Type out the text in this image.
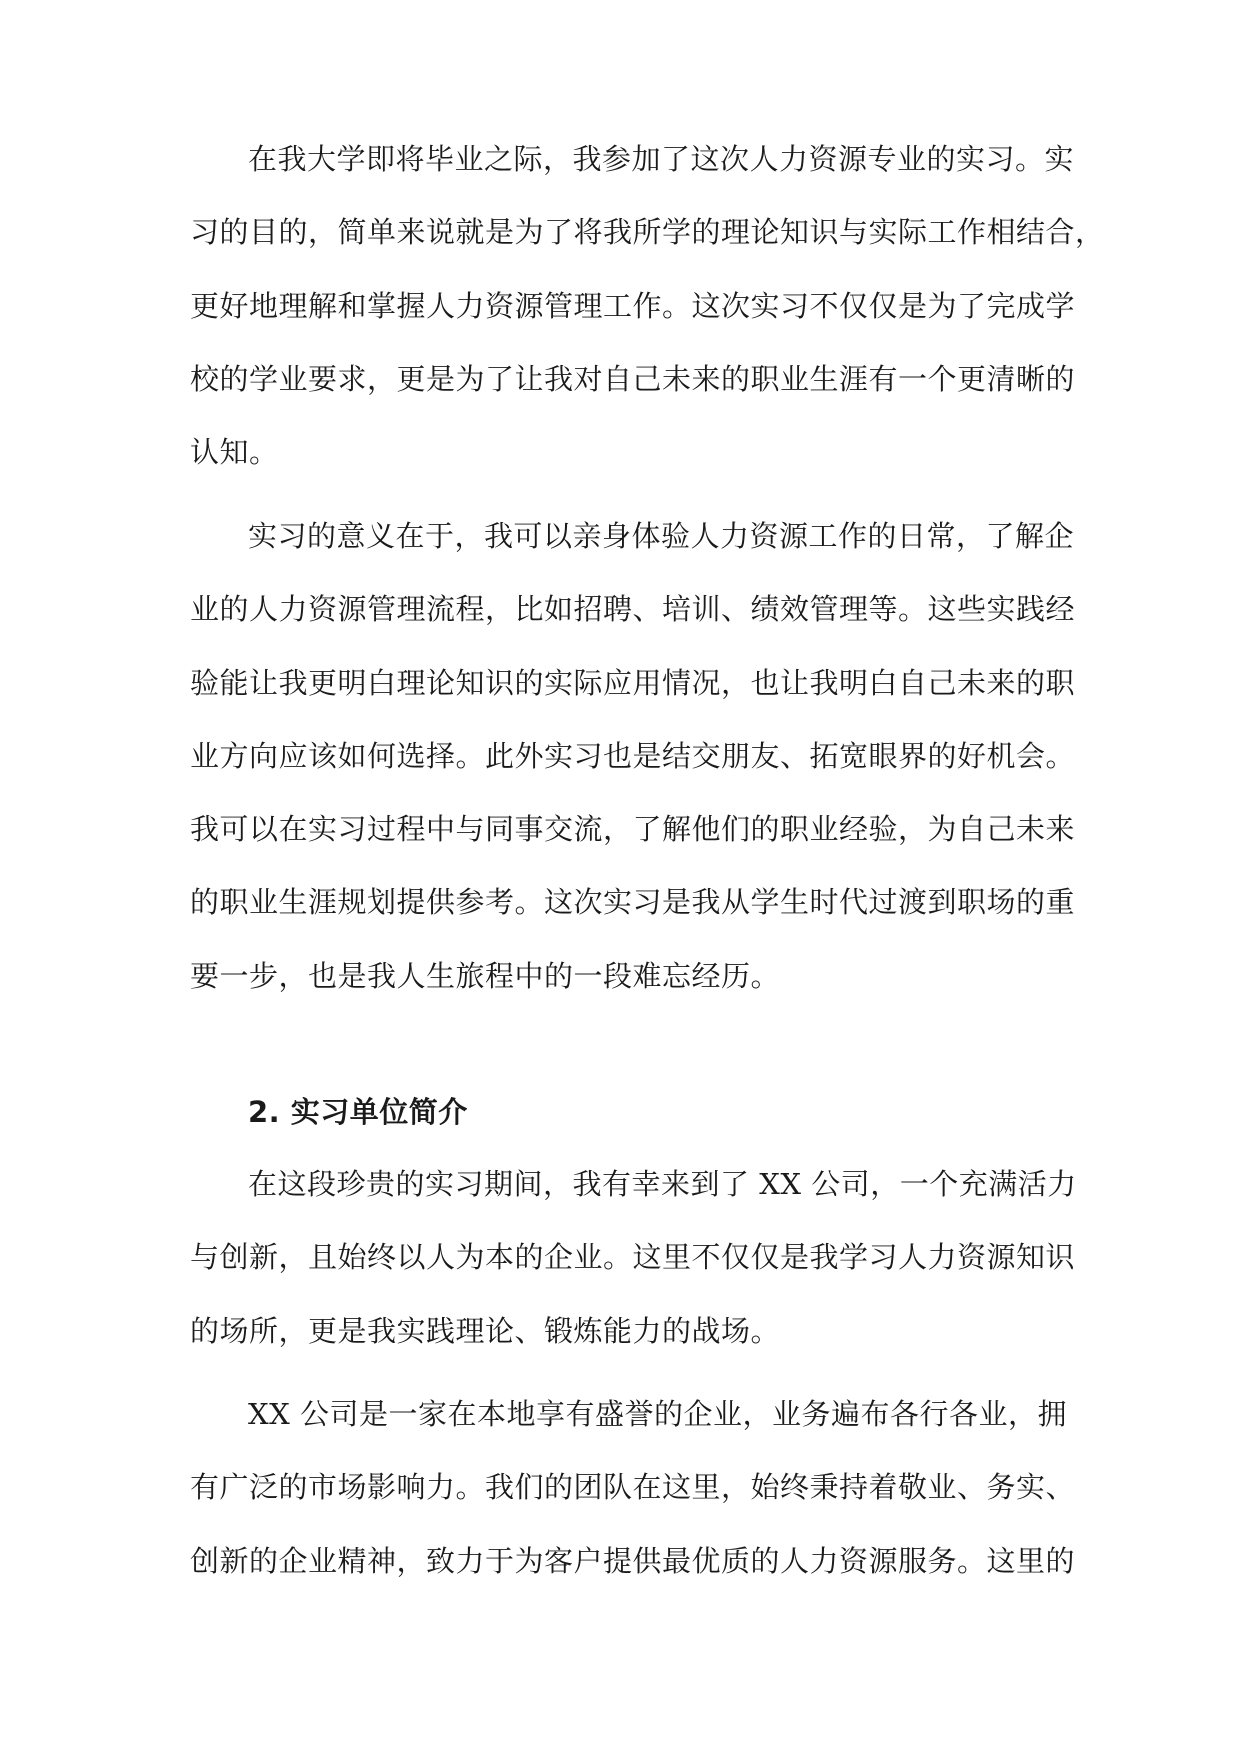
在我大学即将毕业之际，我参加了这次人力资源专业的实习。实
习的目的，简单来说就是为了将我所学的理论知识与实际工作相结合，
更好地理解和掌握人力资源管理工作。这次实习不仅仅是为了完成学
校的学业要求，更是为了让我对自己未来的职业生涯有一个更清晰的
认知。

实习的意义在于，我可以亲身体验人力资源工作的日常，了解企
业的人力资源管理流程，比如招聘、培训、绩效管理等。这些实践经
验能让我更明白理论知识的实际应用情况，也让我明白自己未来的职
业方向应该如何选择。此外实习也是结交朋友、拓宽眼界的好机会。
我可以在实习过程中与同事交流，了解他们的职业经验，为自己未来
的职业生涯规划提供参考。这次实习是我从学生时代过渡到职场的重
要一步，也是我人生旅程中的一段难忘经历。

2. 实习单位简介

在这段珍贵的实习期间，我有幸来到了 XX 公司，一个充满活力
与创新，且始终以人为本的企业。这里不仅仅是我学习人力资源知识
的场所，更是我实践理论、锻炼能力的战场。

XX 公司是一家在本地享有盛誉的企业，业务遍布各行各业，拥
有广泛的市场影响力。我们的团队在这里，始终秉持着敬业、务实、
创新的企业精神，致力于为客户提供最优质的人力资源服务。这里的
